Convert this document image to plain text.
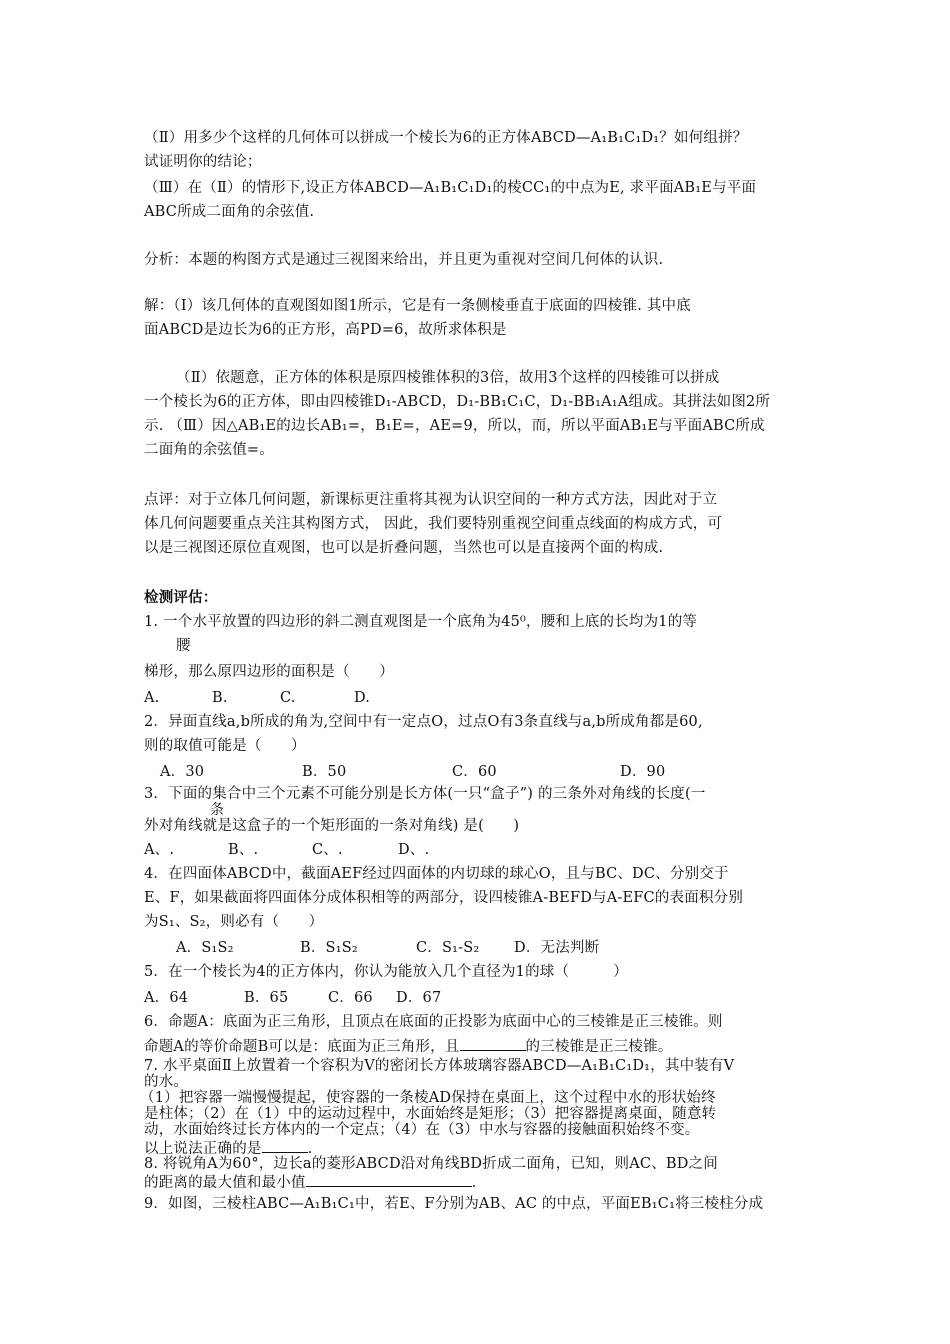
（Ⅱ）用多少个这样的几何体可以拼成一个棱长为6的正方体ABCD—A₁B₁C₁D₁？如何组拼？
试证明你的结论；
（Ⅲ）在（Ⅱ）的情形下,设正方体ABCD—A₁B₁C₁D₁的棱CC₁的中点为E, 求平面AB₁E与平面
ABC所成二面角的余弦值.
分析：本题的构图方式是通过三视图来给出，并且更为重视对空间几何体的认识.
解：（Ⅰ）该几何体的直观图如图1所示，它是有一条侧棱垂直于底面的四棱锥. 其中底
面ABCD是边长为6的正方形，高PD=6，故所求体积是
（Ⅱ）依题意，正方体的体积是原四棱锥体积的3倍，故用3个这样的四棱锥可以拼成
一个棱长为6的正方体，即由四棱锥D₁-ABCD，D₁-BB₁C₁C，D₁-BB₁A₁A组成。其拼法如图2所
示. （Ⅲ）因△AB₁E的边长AB₁=，B₁E=，AE=9，所以，而，所以平面AB₁E与平面ABC所成
二面角的余弦值=。
点评：对于立体几何问题，新课标更注重将其视为认识空间的一种方式方法，因此对于立
体几何问题要重点关注其构图方式， 因此，我们要特别重视空间重点线面的构成方式，可
以是三视图还原位直观图，也可以是折叠问题，当然也可以是直接两个面的构成.
检测评估：
1. 一个水平放置的四边形的斜二测直观图是一个底角为45⁰，腰和上底的长均为1的等
腰
梯形，那么原四边形的面积是（　　）
A.	B.	C.	D.
2．异面直线a,b所成的角为,空间中有一定点O，过点O有3条直线与a,b所成角都是60,
则的取值可能是（　　）
A．30	B．50	C．60	D．90
3．下面的集合中三个元素不可能分别是长方体(一只“盒子”) 的三条外对角线的长度(一
条
外对角线就是这盒子的一个矩形面的一条对角线) 是(　　)
A、.	B、.	C、.	D、.
4．在四面体ABCD中，截面AEF经过四面体的内切球的球心O，且与BC、DC、分别交于
E、F，如果截面将四面体分成体积相等的两部分，设四棱锥A-BEFD与A-EFC的表面积分别
为S₁、S₂，则必有（　　）
A．S₁S₂	B．S₁S₂	C．S₁-S₂ D．无法判断
5．在一个棱长为4的正方体内，你认为能放入几个直径为1的球（　　　）
A．64	B．65	C．66 D．67
6．命题A：底面为正三角形，且顶点在底面的正投影为底面中心的三棱锥是正三棱锥。则
命题A的等价命题B可以是：底面为正三角形，且	的三棱锥是正三棱锥。
7. 水平桌面Ⅱ上放置着一个容积为V的密闭长方体玻璃容器ABCD—A₁B₁C₁D₁，其中装有V
的水。
（1）把容器一端慢慢提起，使容器的一条棱AD保持在桌面上，这个过程中水的形状始终
是柱体；（2）在（1）中的运动过程中，水面始终是矩形；（3）把容器提离桌面，随意转
动，水面始终过长方体内的一个定点；（4）在（3）中水与容器的接触面积始终不变。
以上说法正确的是	.
8. 将锐角A为60°，边长a的菱形ABCD沿对角线BD折成二面角，已知，则AC、BD之间
的距离的最大值和最小值	.
9．如图，三棱柱ABC—A₁B₁C₁中，若E、F分别为AB、AC 的中点，平面EB₁C₁将三棱柱分成
